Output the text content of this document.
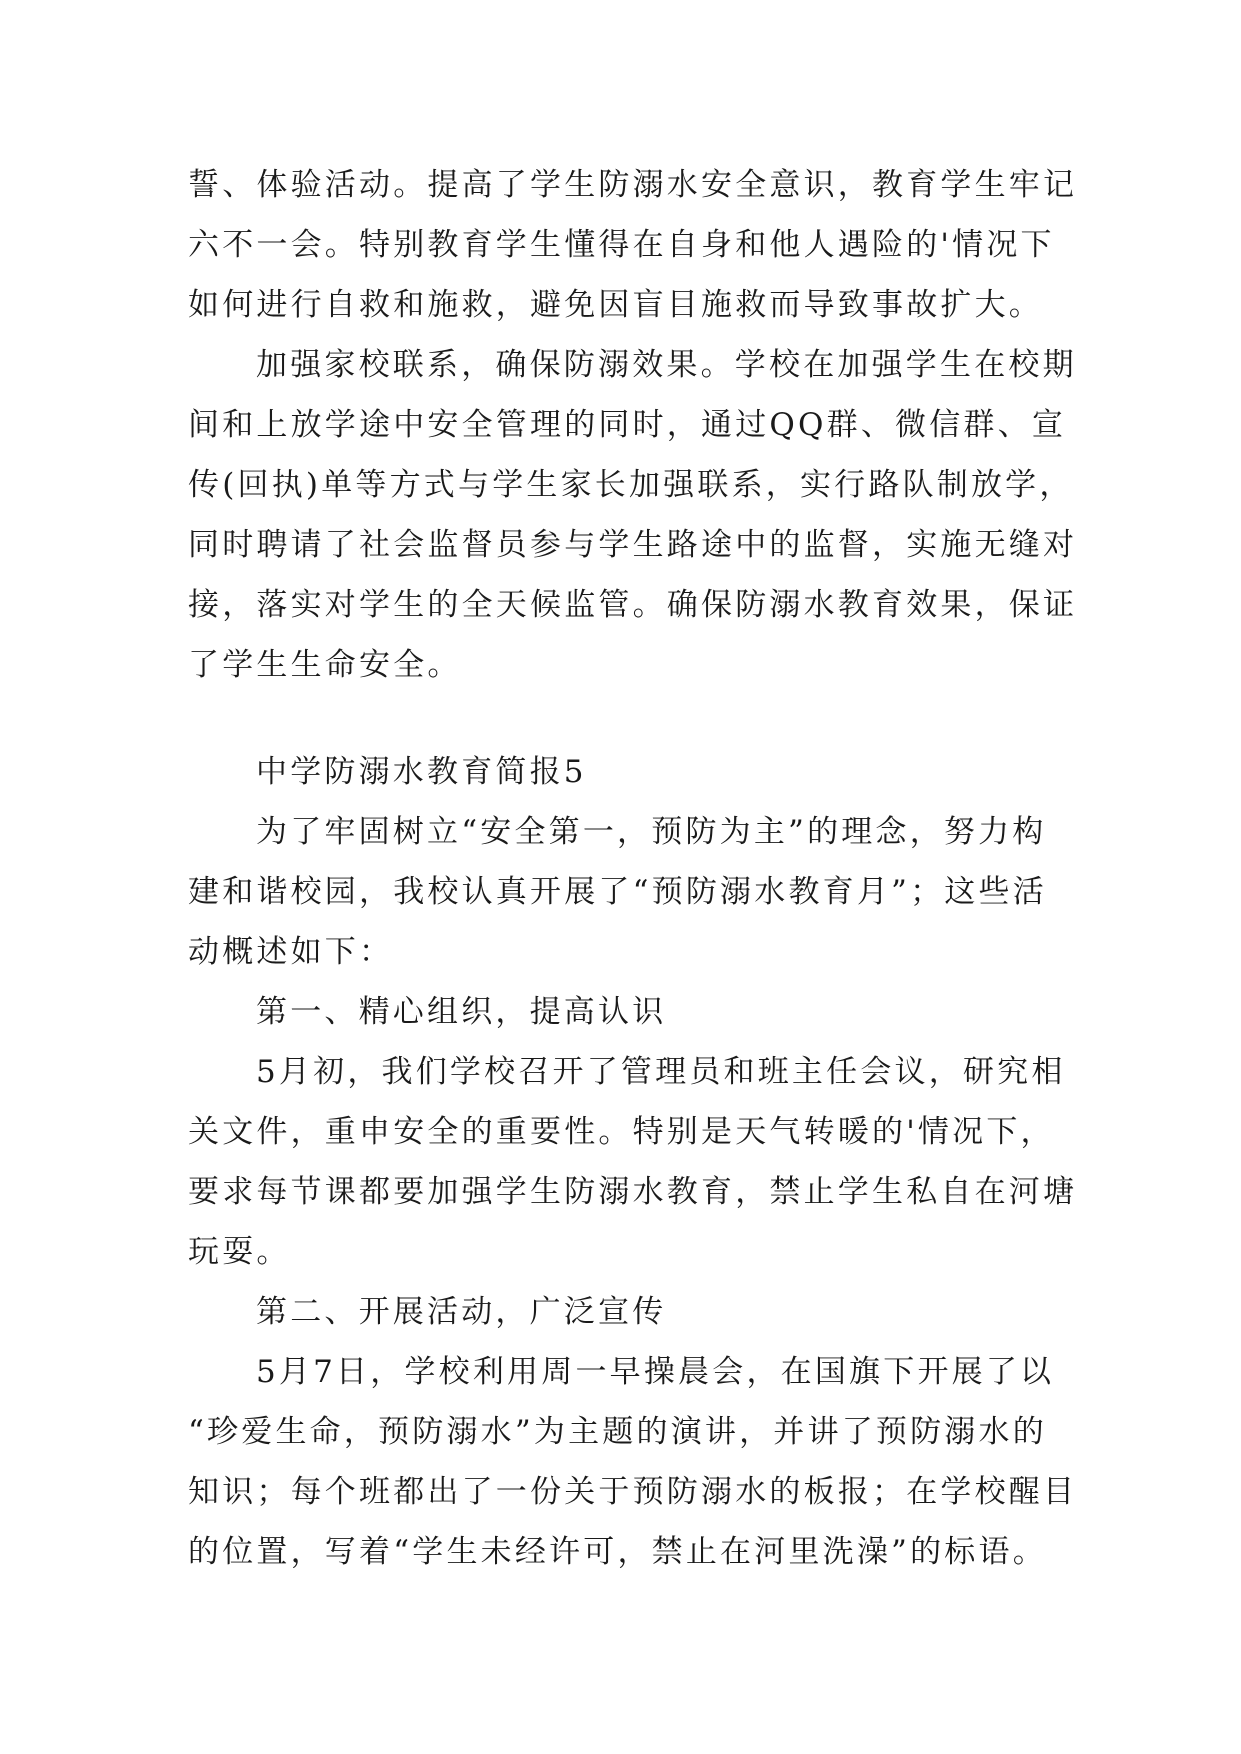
誓、体验活动。提高了学生防溺水安全意识，教育学生牢记
六不一会。特别教育学生懂得在自身和他人遇险的'情况下
如何进行自救和施救，避免因盲目施救而导致事故扩大。
加强家校联系，确保防溺效果。学校在加强学生在校期
间和上放学途中安全管理的同时，通过QQ群、微信群、宣
传(回执)单等方式与学生家长加强联系，实行路队制放学，
同时聘请了社会监督员参与学生路途中的监督，实施无缝对
接，落实对学生的全天候监管。确保防溺水教育效果，保证
了学生生命安全。
中学防溺水教育简报5
为了牢固树立“安全第一，预防为主”的理念，努力构
建和谐校园，我校认真开展了“预防溺水教育月”；这些活
动概述如下：
第一、精心组织，提高认识
5月初，我们学校召开了管理员和班主任会议，研究相
关文件，重申安全的重要性。特别是天气转暖的'情况下，
要求每节课都要加强学生防溺水教育，禁止学生私自在河塘
玩耍。
第二、开展活动，广泛宣传
5月7日，学校利用周一早操晨会，在国旗下开展了以
“珍爱生命，预防溺水”为主题的演讲，并讲了预防溺水的
知识；每个班都出了一份关于预防溺水的板报；在学校醒目
的位置，写着“学生未经许可，禁止在河里洗澡”的标语。
